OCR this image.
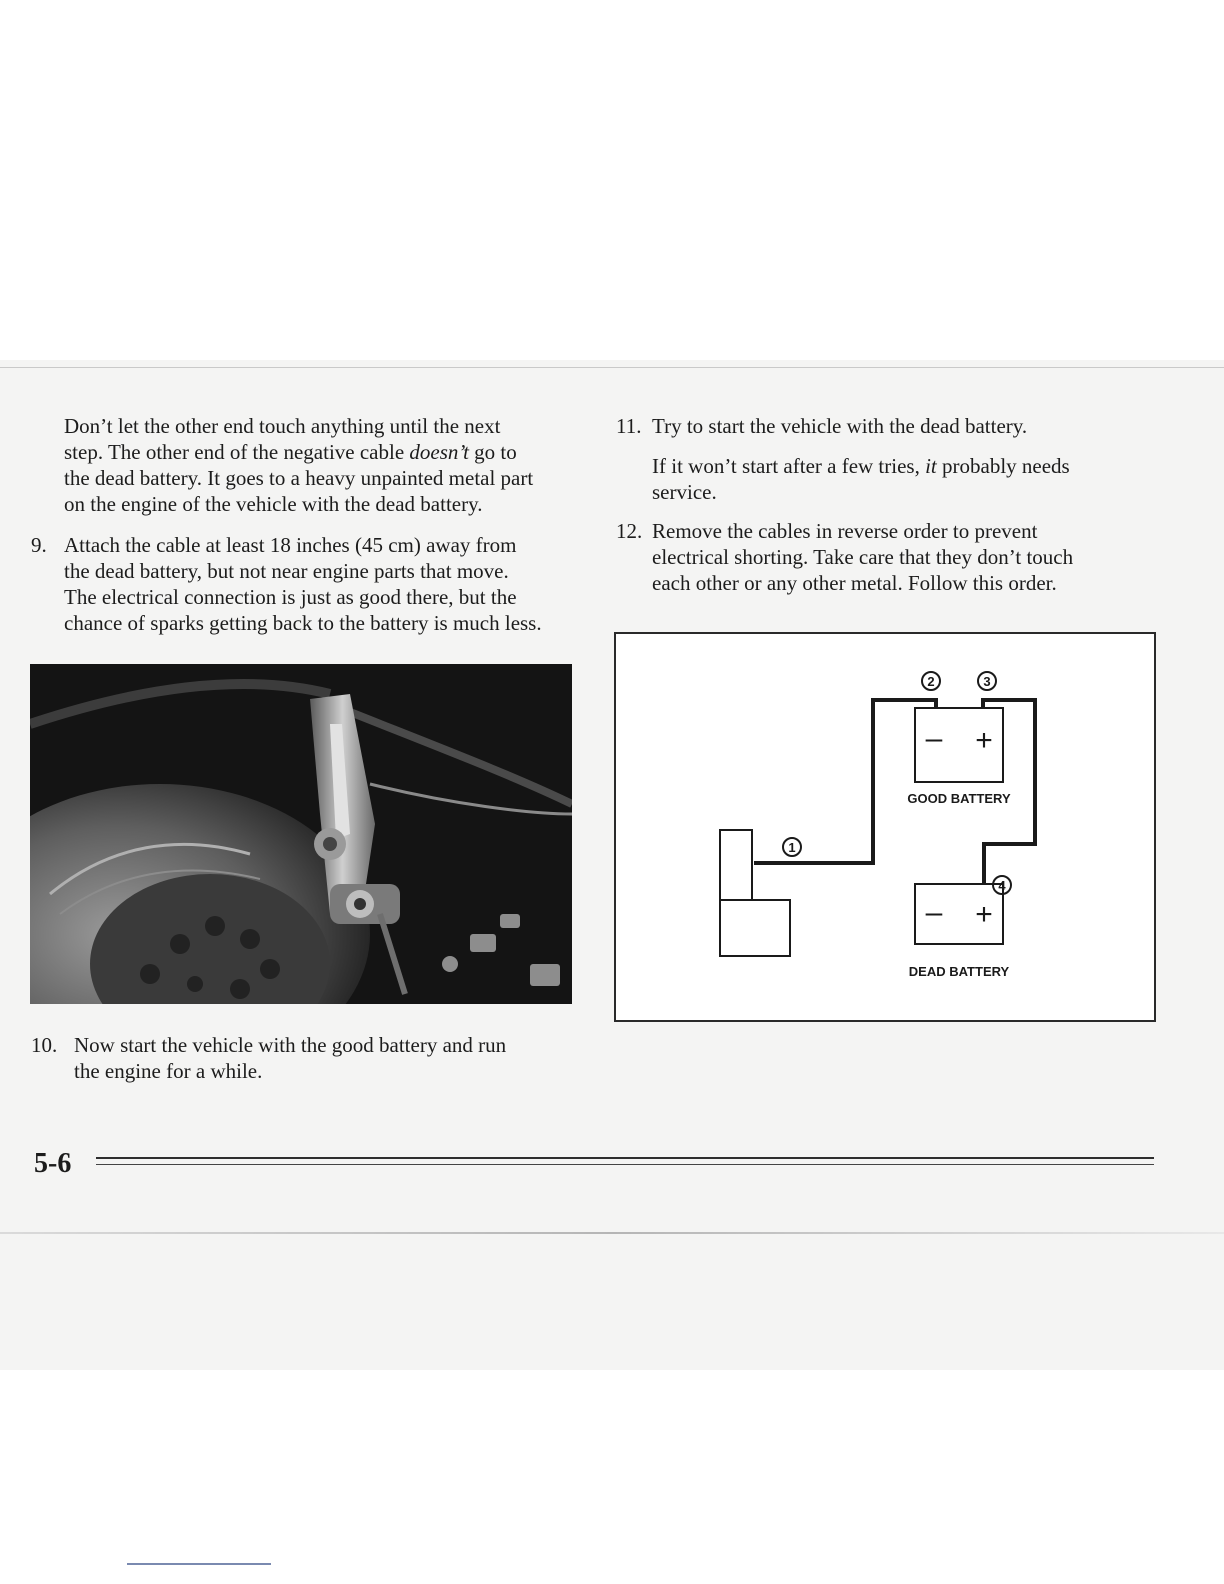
Don’t let the other end touch anything until the next
step. The other end of the negative cable doesn’t go to
the dead battery. It goes to a heavy unpainted metal part
on the engine of the vehicle with the dead battery.

9. Attach the cable at least 18 inches (45 cm) away from
the dead battery, but not near engine parts that move.
The electrical connection is just as good there, but the
chance of sparks getting back to the battery is much less.

10. Now start the vehicle with the good battery and run
the engine for a while.

11. Try to start the vehicle with the dead battery.

If it won’t start after a few tries, it probably needs
service.

12. Remove the cables in reverse order to prevent
electrical shorting. Take care that they don’t touch
each other or any other metal. Follow this order.

2	3
1
4
– +
– +
GOOD BATTERY
DEAD BATTERY
5-6
